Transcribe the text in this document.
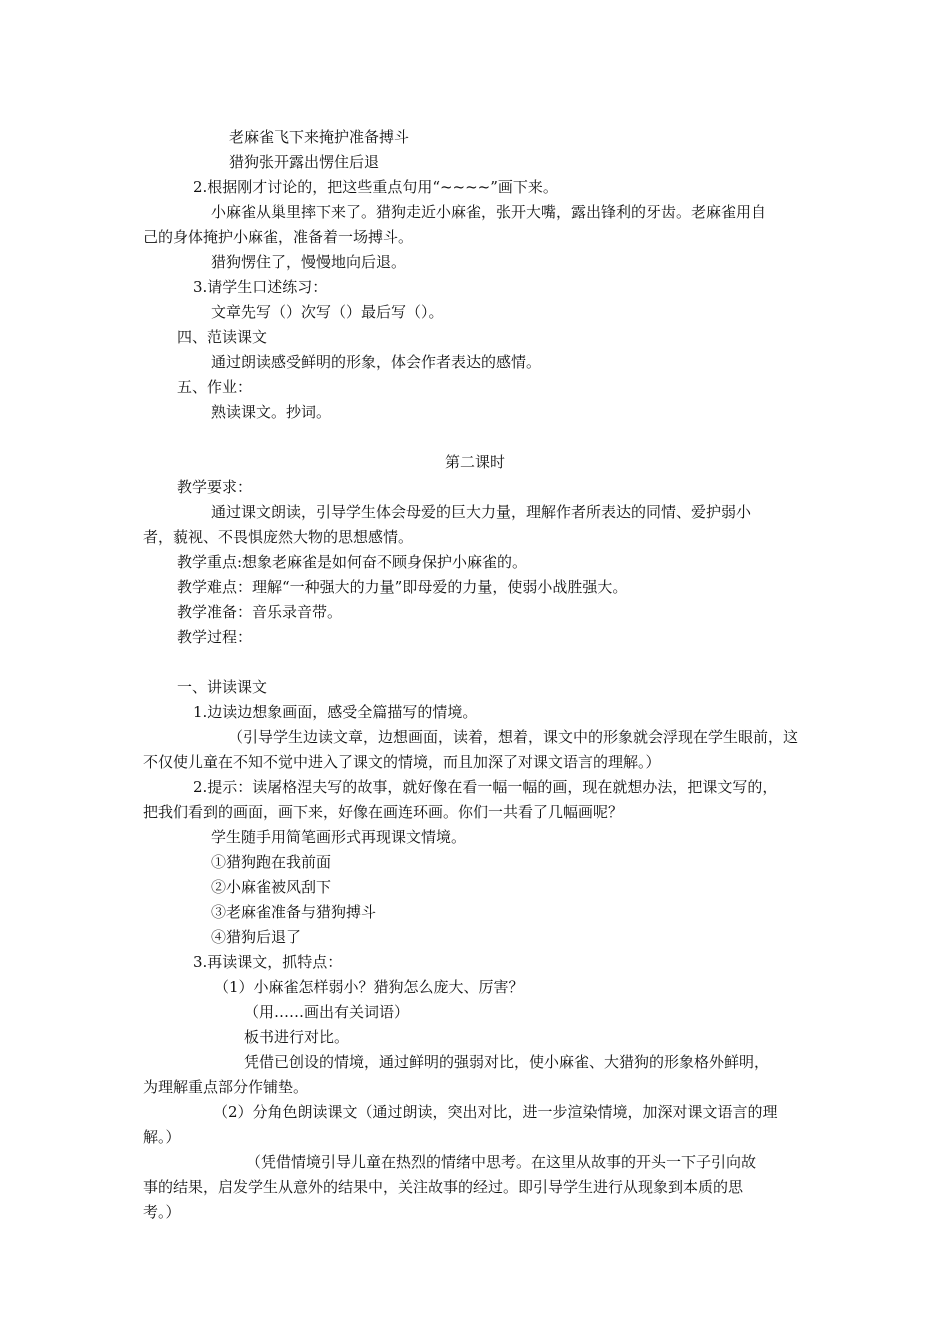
老麻雀飞下来掩护准备搏斗
猎狗张开露出愣住后退
2.根据刚才讨论的，把这些重点句用“~~~~”画下来。
小麻雀从巢里摔下来了。猎狗走近小麻雀，张开大嘴，露出锋利的牙齿。老麻雀用自
己的身体掩护小麻雀，准备着一场搏斗。
猎狗愣住了，慢慢地向后退。
3.请学生口述练习：
文章先写（）次写（）最后写（）。
四、范读课文
通过朗读感受鲜明的形象，体会作者表达的感情。
五、作业：
熟读课文。抄词。
第二课时
教学要求：
通过课文朗读，引导学生体会母爱的巨大力量，理解作者所表达的同情、爱护弱小
者，藐视、不畏惧庞然大物的思想感情。
教学重点:想象老麻雀是如何奋不顾身保护小麻雀的。
教学难点：理解“一种强大的力量”即母爱的力量，使弱小战胜强大。
教学准备：音乐录音带。
教学过程：
一、讲读课文
1.边读边想象画面，感受全篇描写的情境。
（引导学生边读文章，边想画面，读着，想着，课文中的形象就会浮现在学生眼前，这
不仅使儿童在不知不觉中进入了课文的情境，而且加深了对课文语言的理解。）
2.提示：读屠格涅夫写的故事，就好像在看一幅一幅的画，现在就想办法，把课文写的，
把我们看到的画面，画下来，好像在画连环画。你们一共看了几幅画呢？
学生随手用简笔画形式再现课文情境。
①猎狗跑在我前面
②小麻雀被风刮下
③老麻雀准备与猎狗搏斗
④猎狗后退了
3.再读课文，抓特点：
（1）小麻雀怎样弱小？猎狗怎么庞大、厉害？
（用……画出有关词语）
板书进行对比。
凭借已创设的情境，通过鲜明的强弱对比，使小麻雀、大猎狗的形象格外鲜明，
为理解重点部分作铺垫。
（2）分角色朗读课文（通过朗读，突出对比，进一步渲染情境，加深对课文语言的理
解。）
（凭借情境引导儿童在热烈的情绪中思考。在这里从故事的开头一下子引向故
事的结果，启发学生从意外的结果中，关注故事的经过。即引导学生进行从现象到本质的思
考。）
